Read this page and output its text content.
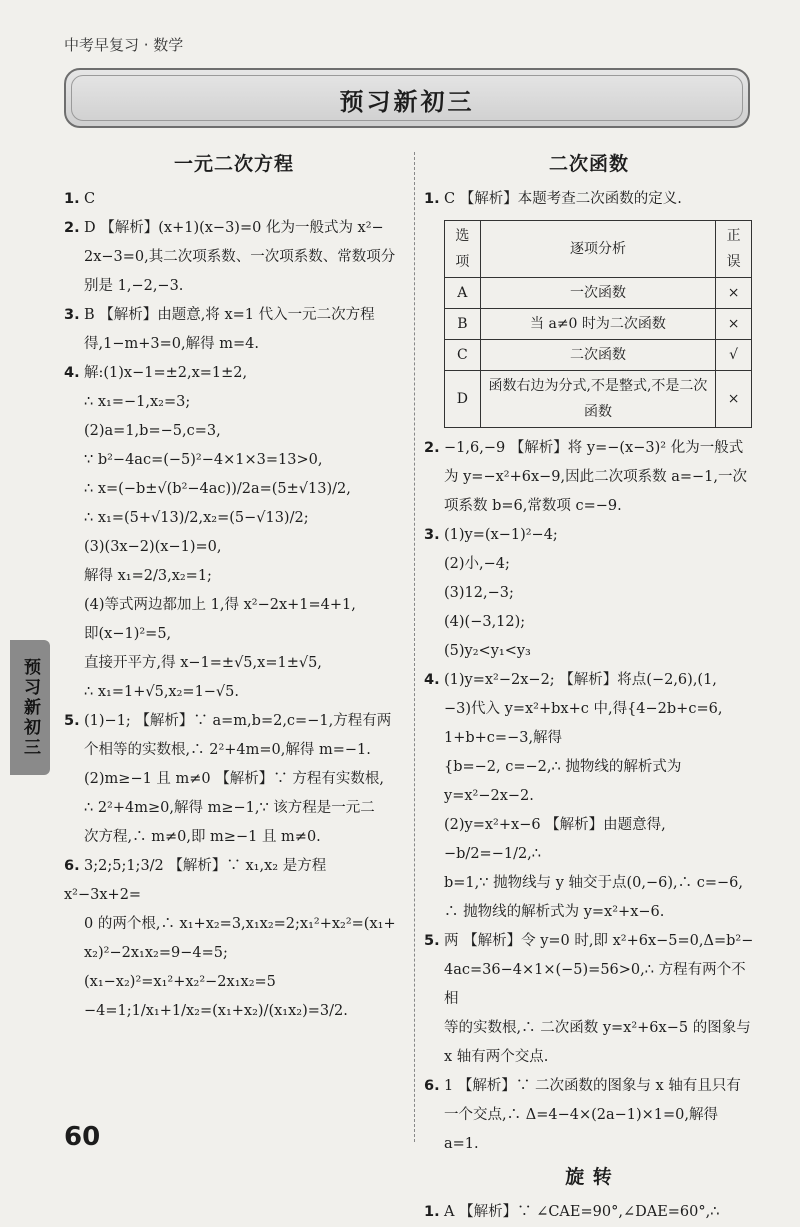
中考早复习 · 数学
预习新初三
预习新初三
一元二次方程
1. C
2. D 【解析】(x+1)(x−3)=0 化为一般式为 x²−
2x−3=0,其二次项系数、一次项系数、常数项分
别是 1,−2,−3.
3. B 【解析】由题意,将 x=1 代入一元二次方程
得,1−m+3=0,解得 m=4.
4. 解:(1)x−1=±2,x=1±2,
∴ x₁=−1,x₂=3;
(2)a=1,b=−5,c=3,
∵ b²−4ac=(−5)²−4×1×3=13>0,
∴ x=(−b±√(b²−4ac))/2a=(5±√13)/2,
∴ x₁=(5+√13)/2,x₂=(5−√13)/2;
(3)(3x−2)(x−1)=0,
解得 x₁=2/3,x₂=1;
(4)等式两边都加上 1,得 x²−2x+1=4+1,
即(x−1)²=5,
直接开平方,得 x−1=±√5,x=1±√5,
∴ x₁=1+√5,x₂=1−√5.
5. (1)−1; 【解析】∵ a=m,b=2,c=−1,方程有两
个相等的实数根,∴ 2²+4m=0,解得 m=−1.
(2)m≥−1 且 m≠0 【解析】∵ 方程有实数根,
∴ 2²+4m≥0,解得 m≥−1,∵ 该方程是一元二
次方程,∴ m≠0,即 m≥−1 且 m≠0.
6. 3;2;5;1;3/2 【解析】∵ x₁,x₂ 是方程 x²−3x+2=
0 的两个根,∴ x₁+x₂=3,x₁x₂=2;x₁²+x₂²=(x₁+
x₂)²−2x₁x₂=9−4=5;(x₁−x₂)²=x₁²+x₂²−2x₁x₂=5
−4=1;1/x₁+1/x₂=(x₁+x₂)/(x₁x₂)=3/2.
二次函数
1. C 【解析】本题考查二次函数的定义.
选项	逐项分析	正误
A	一次函数	×
B	当 a≠0 时为二次函数	×
C	二次函数	√
D	函数右边为分式,不是整式,不是二次函数	×
2. −1,6,−9 【解析】将 y=−(x−3)² 化为一般式
为 y=−x²+6x−9,因此二次项系数 a=−1,一次
项系数 b=6,常数项 c=−9.
3. (1)y=(x−1)²−4;
(2)小,−4;
(3)12,−3;
(4)(−3,12);
(5)y₂<y₁<y₃
4. (1)y=x²−2x−2; 【解析】将点(−2,6),(1,
−3)代入 y=x²+bx+c 中,得{4−2b+c=6, 1+b+c=−3,解得
{b=−2, c=−2,∴ 抛物线的解析式为 y=x²−2x−2.
(2)y=x²+x−6 【解析】由题意得,−b/2=−1/2,∴
b=1,∵ 抛物线与 y 轴交于点(0,−6),∴ c=−6,
∴ 抛物线的解析式为 y=x²+x−6.
5. 两 【解析】令 y=0 时,即 x²+6x−5=0,Δ=b²−
4ac=36−4×1×(−5)=56>0,∴ 方程有两个不相
等的实数根,∴ 二次函数 y=x²+6x−5 的图象与
x 轴有两个交点.
6. 1 【解析】∵ 二次函数的图象与 x 轴有且只有
一个交点,∴ Δ=4−4×(2a−1)×1=0,解得 a=1.
旋 转
1. A 【解析】∵ ∠CAE=90°,∠DAE=60°,∴
60
